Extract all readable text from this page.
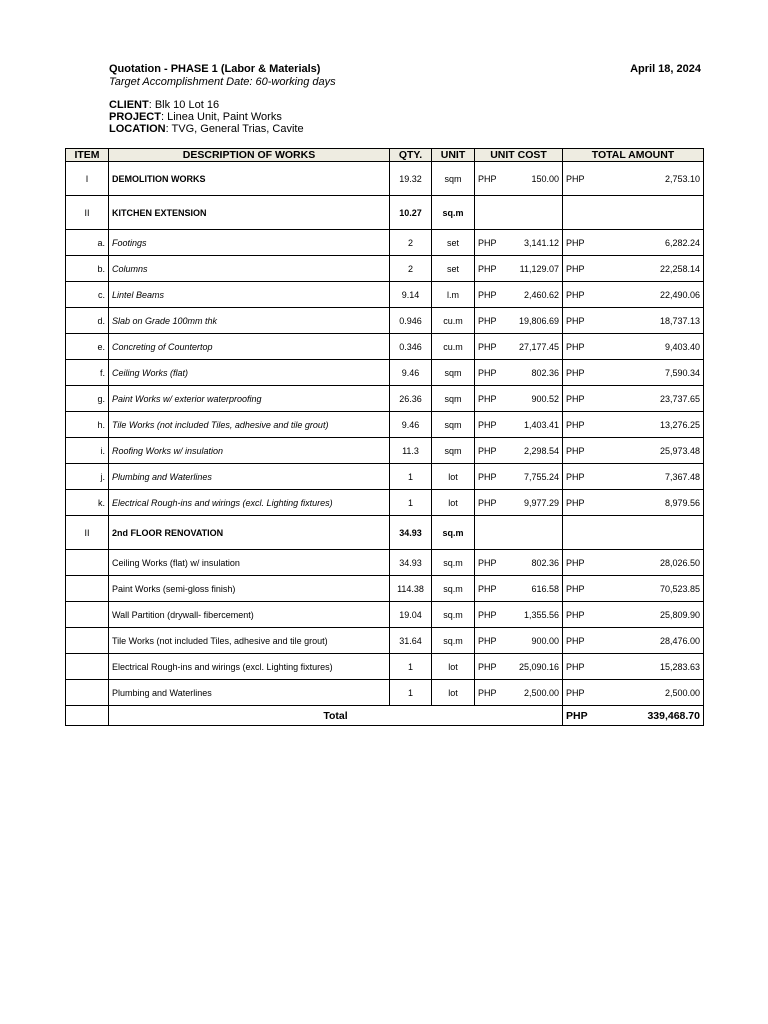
Quotation - PHASE 1 (Labor & Materials)
Target Accomplishment Date: 60-working days
April 18, 2024
CLIENT: Blk 10 Lot 16
PROJECT: Linea Unit, Paint Works
LOCATION: TVG, General Trias, Cavite
ITEM	DESCRIPTION OF WORKS	QTY.	UNIT	UNIT COST		TOTAL AMOUNT	
I	DEMOLITION WORKS	19.32	sqm	PHP	150.00	PHP	2,753.10
II	KITCHEN EXTENSION	10.27	sq.m				
a.	Footings	2	set	PHP	3,141.12	PHP	6,282.24
b.	Columns	2	set	PHP	11,129.07	PHP	22,258.14
c.	Lintel Beams	9.14	l.m	PHP	2,460.62	PHP	22,490.06
d.	Slab on Grade 100mm thk	0.946	cu.m	PHP	19,806.69	PHP	18,737.13
e.	Concreting of Countertop	0.346	cu.m	PHP	27,177.45	PHP	9,403.40
f.	Ceiling Works (flat)	9.46	sqm	PHP	802.36	PHP	7,590.34
g.	Paint Works w/ exterior waterproofing	26.36	sqm	PHP	900.52	PHP	23,737.65
h.	Tile Works (not included Tiles, adhesive and tile grout)	9.46	sqm	PHP	1,403.41	PHP	13,276.25
i.	Roofing Works w/ insulation	11.3	sqm	PHP	2,298.54	PHP	25,973.48
j.	Plumbing and Waterlines	1	lot	PHP	7,755.24	PHP	7,367.48
k.	Electrical Rough-ins and wirings (excl. Lighting fixtures)	1	lot	PHP	9,977.29	PHP	8,979.56
II	2nd FLOOR RENOVATION	34.93	sq.m				
	Ceiling Works (flat) w/ insulation	34.93	sq.m	PHP	802.36	PHP	28,026.50
	Paint Works (semi-gloss finish)	114.38	sq.m	PHP	616.58	PHP	70,523.85
	Wall Partition (drywall- fibercement)	19.04	sq.m	PHP	1,355.56	PHP	25,809.90
	Tile Works (not included Tiles, adhesive and tile grout)	31.64	sq.m	PHP	900.00	PHP	28,476.00
	Electrical Rough-ins and wirings (excl. Lighting fixtures)	1	lot	PHP	25,090.16	PHP	15,283.63
	Plumbing and Waterlines	1	lot	PHP	2,500.00	PHP	2,500.00
	Total					PHP	339,468.70
